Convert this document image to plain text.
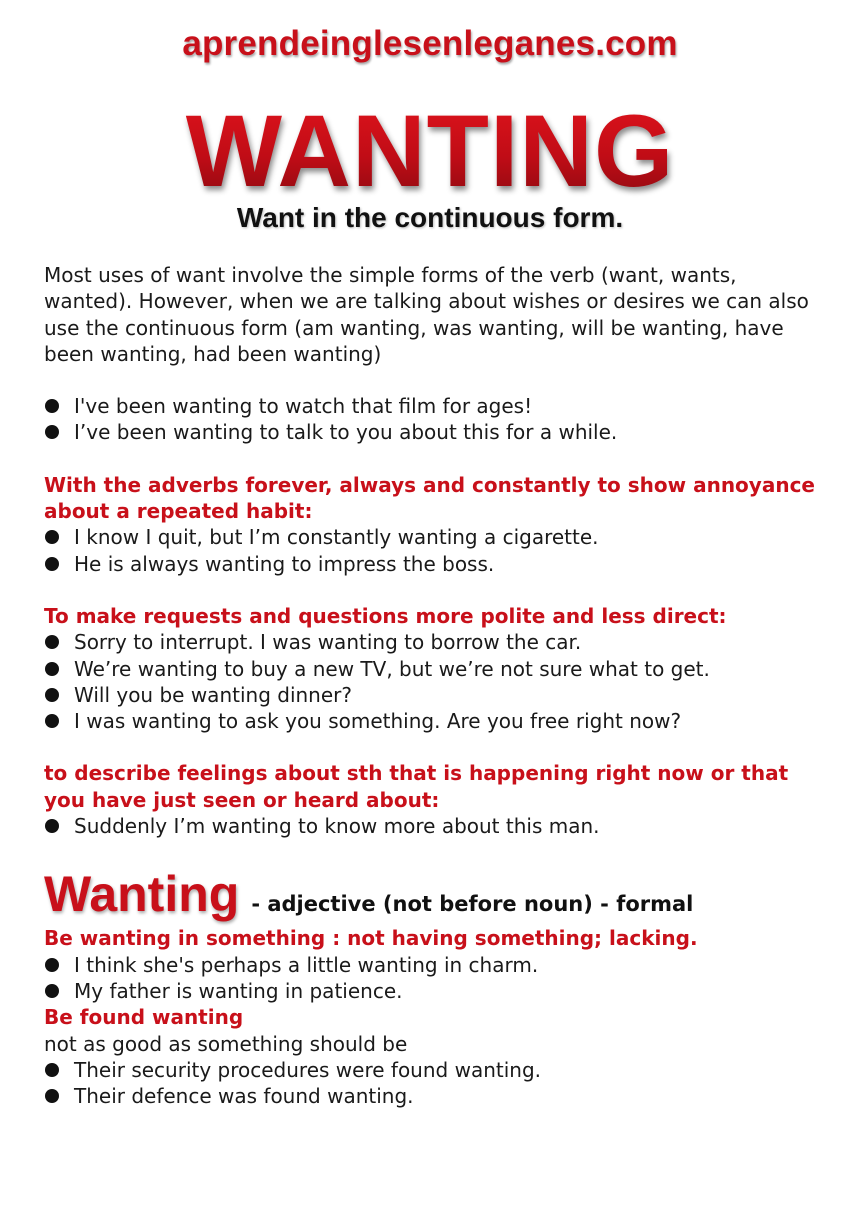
aprendeinglesenleganes.com
WANTING
Want in the continuous form.

Most uses of want involve the simple forms of the verb (want, wants, wanted). However, when we are talking about wishes or desires we can also use the continuous form (am wanting, was wanting, will be wanting, have been wanting, had been wanting)

I've been wanting to watch that film for ages!
I’ve been wanting to talk to you about this for a while.

With the adverbs forever, always and constantly to show annoyance about a repeated habit:

I know I quit, but I’m constantly wanting a cigarette.
He is always wanting to impress the boss.

To make requests and questions more polite and less direct:

Sorry to interrupt. I was wanting to borrow the car.
We’re wanting to buy a new TV, but we’re not sure what to get.
Will you be wanting dinner?
I was wanting to ask you something. Are you free right now?

to describe feelings about sth that is happening right now or that you have just seen or heard about:

Suddenly I’m wanting to know more about this man.
Wanting - adjective (not before noun) - formal

Be wanting in something : not having something; lacking.

I think she's perhaps a little wanting in charm.
My father is wanting in patience.

Be found wanting

not as good as something should be

Their security procedures were found wanting.
Their defence was found wanting.
